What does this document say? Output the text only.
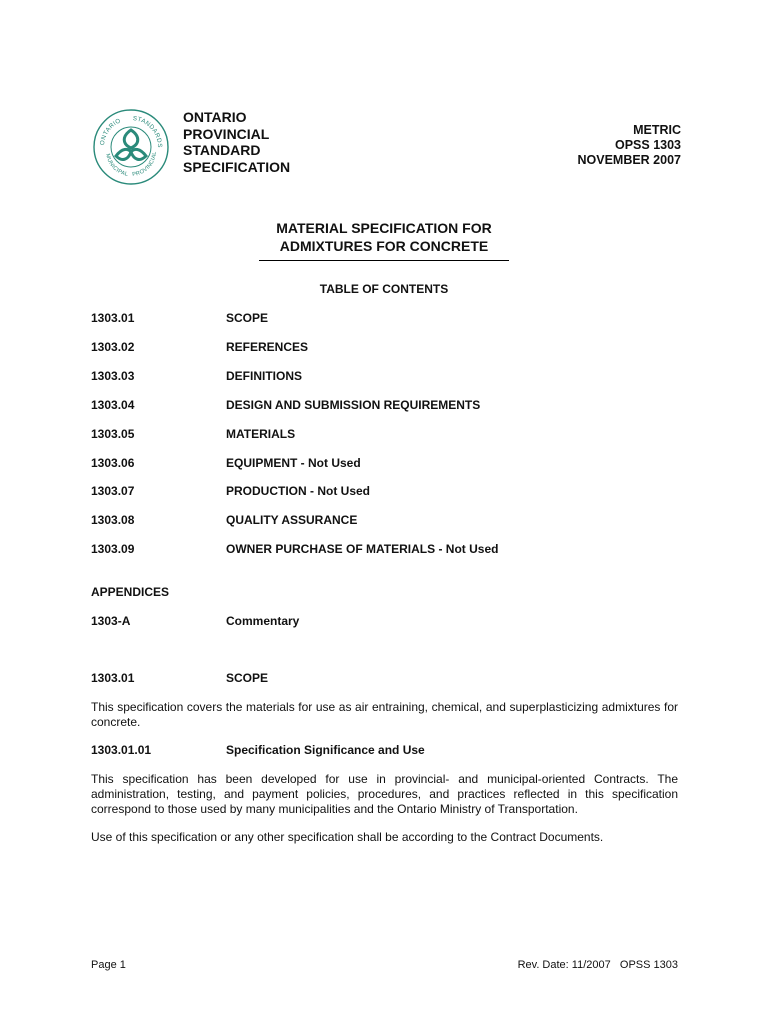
ONTARIO STANDARDS
MUNICIPAL PROVINCIAL
ONTARIO
PROVINCIAL
STANDARD
SPECIFICATION
METRIC
OPSS 1303
NOVEMBER 2007
MATERIAL SPECIFICATION FOR
ADMIXTURES FOR CONCRETE
TABLE OF CONTENTS
1303.01	SCOPE
1303.02	REFERENCES
1303.03	DEFINITIONS
1303.04	DESIGN AND SUBMISSION REQUIREMENTS
1303.05	MATERIALS
1303.06	EQUIPMENT - Not Used
1303.07	PRODUCTION - Not Used
1303.08	QUALITY ASSURANCE
1303.09	OWNER PURCHASE OF MATERIALS - Not Used
APPENDICES
1303-A	Commentary
1303.01	SCOPE
This specification covers the materials for use as air entraining, chemical, and superplasticizing admixtures for concrete.
1303.01.01	Specification Significance and Use
This specification has been developed for use in provincial- and municipal-oriented Contracts. The administration, testing, and payment policies, procedures, and practices reflected in this specification correspond to those used by many municipalities and the Ontario Ministry of Transportation.
Use of this specification or any other specification shall be according to the Contract Documents.
Page 1	Rev. Date: 11/2007   OPSS 1303
